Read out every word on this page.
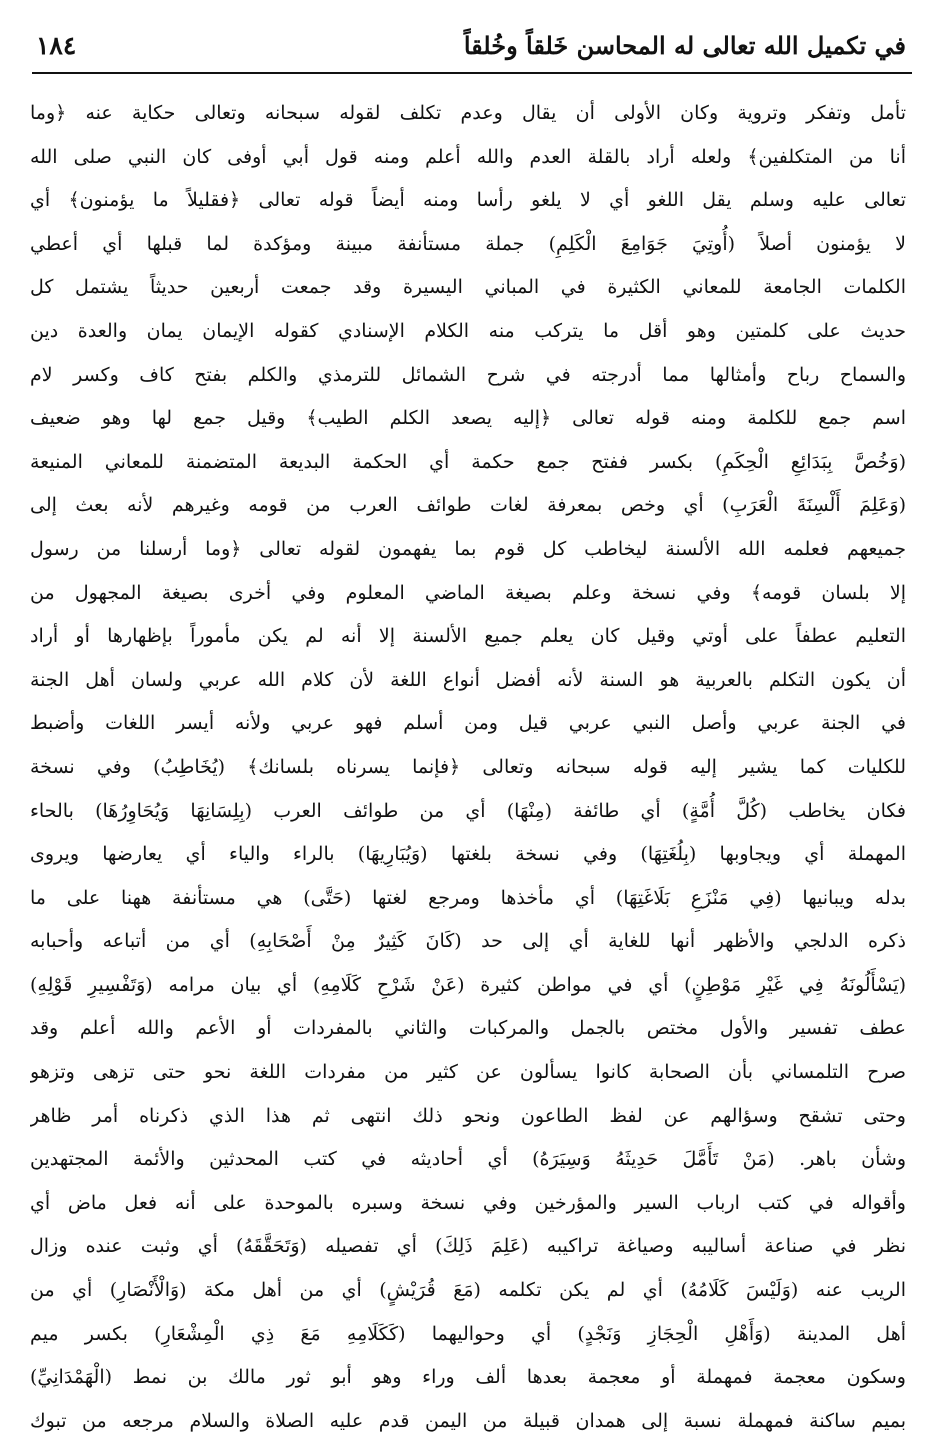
في تكميل الله تعالى له المحاسن خَلقاً وخُلقاً
١٨٤
تأمل وتفكر وتروية وكان الأولى أن يقال وعدم تكلف لقوله سبحانه وتعالى حكاية عنه ﴿وما
أنا من المتكلفين﴾ ولعله أراد بالقلة العدم والله أعلم ومنه قول أبي أوفى كان النبي صلى الله
تعالى عليه وسلم يقل اللغو أي لا يلغو رأسا ومنه أيضاً قوله تعالى ﴿فقليلاً ما يؤمنون﴾ أي
لا يؤمنون أصلاً (أُوتِيَ جَوَامِعَ الْكَلِمِ) جملة مستأنفة مبينة ومؤكدة لما قبلها أي أعطي
الكلمات الجامعة للمعاني الكثيرة في المباني اليسيرة وقد جمعت أربعين حديثاً يشتمل كل
حديث على كلمتين وهو أقل ما يتركب منه الكلام الإسنادي كقوله الإيمان يمان والعدة دين
والسماح رباح وأمثالها مما أدرجته في شرح الشمائل للترمذي والكلم بفتح كاف وكسر لام
اسم جمع للكلمة ومنه قوله تعالى ﴿إليه يصعد الكلم الطيب﴾ وقيل جمع لها وهو ضعيف
(وَخُصَّ بِبَدَائِعِ الْحِكَمِ) بكسر ففتح جمع حكمة أي الحكمة البديعة المتضمنة للمعاني المنيعة
(وَعَلِمَ أَلْسِنَةَ الْعَرَبِ) أي وخص بمعرفة لغات طوائف العرب من قومه وغيرهم لأنه بعث إلى
جميعهم فعلمه الله الألسنة ليخاطب كل قوم بما يفهمون لقوله تعالى ﴿وما أرسلنا من رسول
إلا بلسان قومه﴾ وفي نسخة وعلم بصيغة الماضي المعلوم وفي أخرى بصيغة المجهول من
التعليم عطفاً على أوتي وقيل كان يعلم جميع الألسنة إلا أنه لم يكن مأموراً بإظهارها أو أراد
أن يكون التكلم بالعربية هو السنة لأنه أفضل أنواع اللغة لأن كلام الله عربي ولسان أهل الجنة
في الجنة عربي وأصل النبي عربي قيل ومن أسلم فهو عربي ولأنه أيسر اللغات وأضبط
للكليات كما يشير إليه قوله سبحانه وتعالى ﴿فإنما يسرناه بلسانك﴾ (يُخَاطِبُ) وفي نسخة
فكان يخاطب (كُلَّ أُمَّةٍ) أي طائفة (مِنْهَا) أي من طوائف العرب (بِلِسَانِهَا وَيُحَاوِرُهَا) بالحاء
المهملة أي ويجاوبها (بِلُغَتِهَا) وفي نسخة بلغتها (وَيُبَارِيهَا) بالراء والياء أي يعارضها ويروى
بدله ويبانيها (فِي مَنْزَعِ بَلَاغَتِهَا) أي مأخذها ومرجع لغتها (حَتَّى) هي مستأنفة ههنا على ما
ذكره الدلجي والأظهر أنها للغاية أي إلى حد (كَانَ كَثِيرٌ مِنْ أَصْحَابِهِ) أي من أتباعه وأحبابه
(يَسْأَلُونَهُ فِي غَيْرِ مَوْطِنٍ) أي في مواطن كثيرة (عَنْ شَرْحِ كَلَامِهِ) أي بيان مرامه (وَتَفْسِيرِ قَوْلِهِ)
عطف تفسير والأول مختص بالجمل والمركبات والثاني بالمفردات أو الأعم والله أعلم وقد
صرح التلمساني بأن الصحابة كانوا يسألون عن كثير من مفردات اللغة نحو حتى تزهى وتزهو
وحتى تشقح وسؤالهم عن لفظ الطاعون ونحو ذلك انتهى ثم هذا الذي ذكرناه أمر ظاهر
وشأن باهر. (مَنْ تَأَمَّلَ حَدِيثَهُ وَسِيَرَهُ) أي أحاديثه في كتب المحدثين والأئمة المجتهدين
وأقواله في كتب ارباب السير والمؤرخين وفي نسخة وسبره بالموحدة على أنه فعل ماض أي
نظر في صناعة أساليبه وصياغة تراكيبه (عَلِمَ ذَلِكَ) أي تفصيله (وَتَحَقَّقَهُ) أي وثبت عنده وزال
الريب عنه (وَلَيْسَ كَلَامُهُ) أي لم يكن تكلمه (مَعَ قُرَيْشٍ) أي من أهل مكة (وَالْأَنْصَارِ) أي من
أهل المدينة (وَأَهْلِ الْحِجَازِ وَنَجْدٍ) أي وحواليهما (كَكَلَامِهِ مَعَ ذِي الْمِشْعَارِ) بكسر ميم
وسكون معجمة فمهملة أو معجمة بعدها ألف وراء وهو أبو ثور مالك بن نمط (الْهَمْدَانِيِّ)
بميم ساكنة فمهملة نسبة إلى همدان قبيلة من اليمن قدم عليه الصلاة والسلام مرجعه من تبوك
